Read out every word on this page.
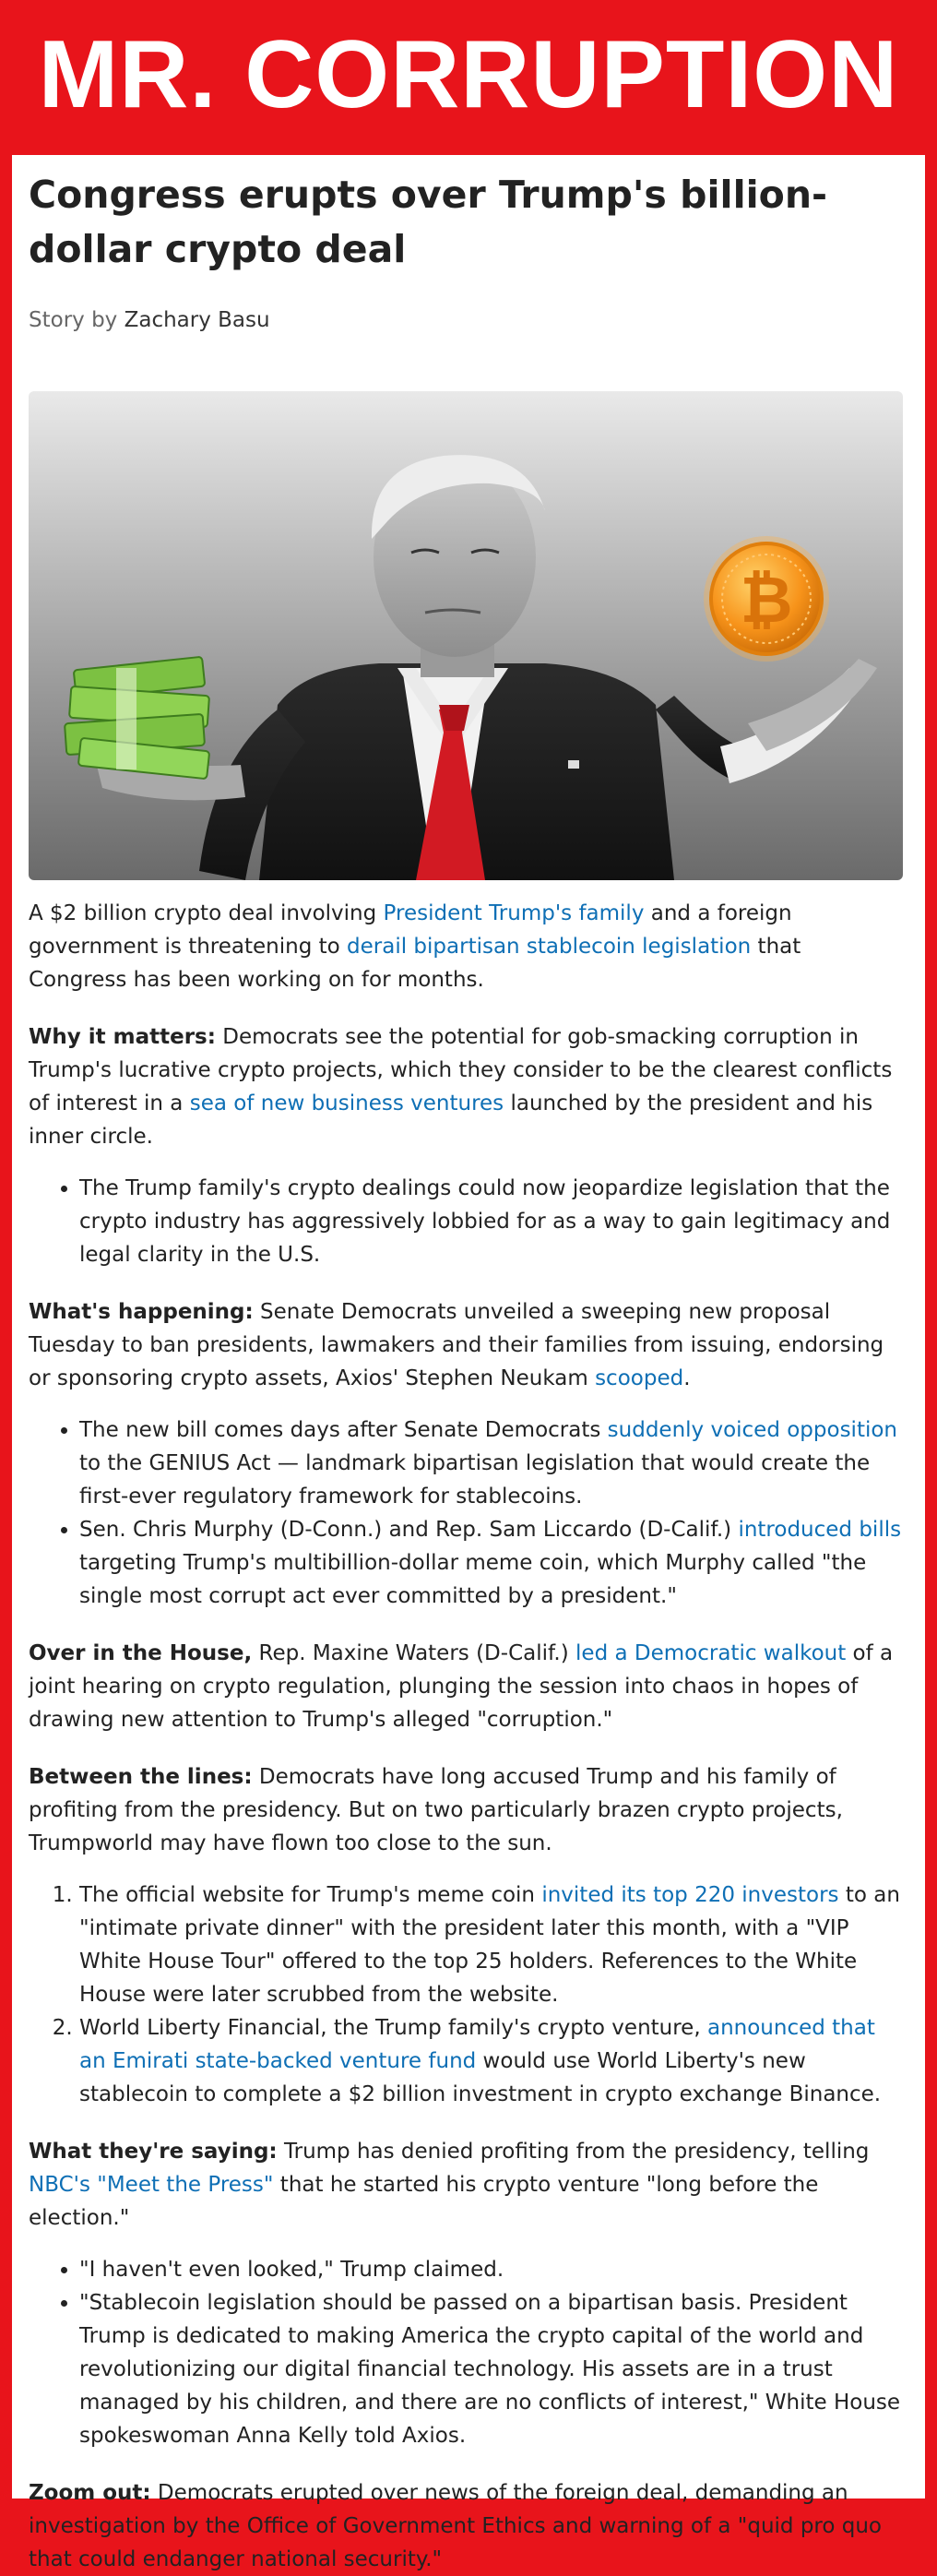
MR. CORRUPTION
Congress erupts over Trump's billion-dollar crypto deal
Story by Zachary Basu
₿

A $2 billion crypto deal involving President Trump's family and a foreign government is threatening to derail bipartisan stablecoin legislation that Congress has been working on for months.

Why it matters: Democrats see the potential for gob-smacking corruption in Trump's lucrative crypto projects, which they consider to be the clearest conflicts of interest in a sea of new business ventures launched by the president and his inner circle.

• The Trump family's crypto dealings could now jeopardize legislation that the crypto industry has aggressively lobbied for as a way to gain legitimacy and legal clarity in the U.S.

What's happening: Senate Democrats unveiled a sweeping new proposal Tuesday to ban presidents, lawmakers and their families from issuing, endorsing or sponsoring crypto assets, Axios' Stephen Neukam scooped.

• The new bill comes days after Senate Democrats suddenly voiced opposition to the GENIUS Act — landmark bipartisan legislation that would create the first-ever regulatory framework for stablecoins.
• Sen. Chris Murphy (D-Conn.) and Rep. Sam Liccardo (D-Calif.) introduced bills targeting Trump's multibillion-dollar meme coin, which Murphy called "the single most corrupt act ever committed by a president."

Over in the House, Rep. Maxine Waters (D-Calif.) led a Democratic walkout of a joint hearing on crypto regulation, plunging the session into chaos in hopes of drawing new attention to Trump's alleged "corruption."

Between the lines: Democrats have long accused Trump and his family of profiting from the presidency. But on two particularly brazen crypto projects, Trumpworld may have flown too close to the sun.

1. The official website for Trump's meme coin invited its top 220 investors to an "intimate private dinner" with the president later this month, with a "VIP White House Tour" offered to the top 25 holders. References to the White House were later scrubbed from the website.
2. World Liberty Financial, the Trump family's crypto venture, announced that an Emirati state-backed venture fund would use World Liberty's new stablecoin to complete a $2 billion investment in crypto exchange Binance.

What they're saying: Trump has denied profiting from the presidency, telling NBC's "Meet the Press" that he started his crypto venture "long before the election."

• "I haven't even looked," Trump claimed.
• "Stablecoin legislation should be passed on a bipartisan basis. President Trump is dedicated to making America the crypto capital of the world and revolutionizing our digital financial technology. His assets are in a trust managed by his children, and there are no conflicts of interest," White House spokeswoman Anna Kelly told Axios.

Zoom out: Democrats erupted over news of the foreign deal, demanding an investigation by the Office of Government Ethics and warning of a "quid pro quo that could endanger national security."
